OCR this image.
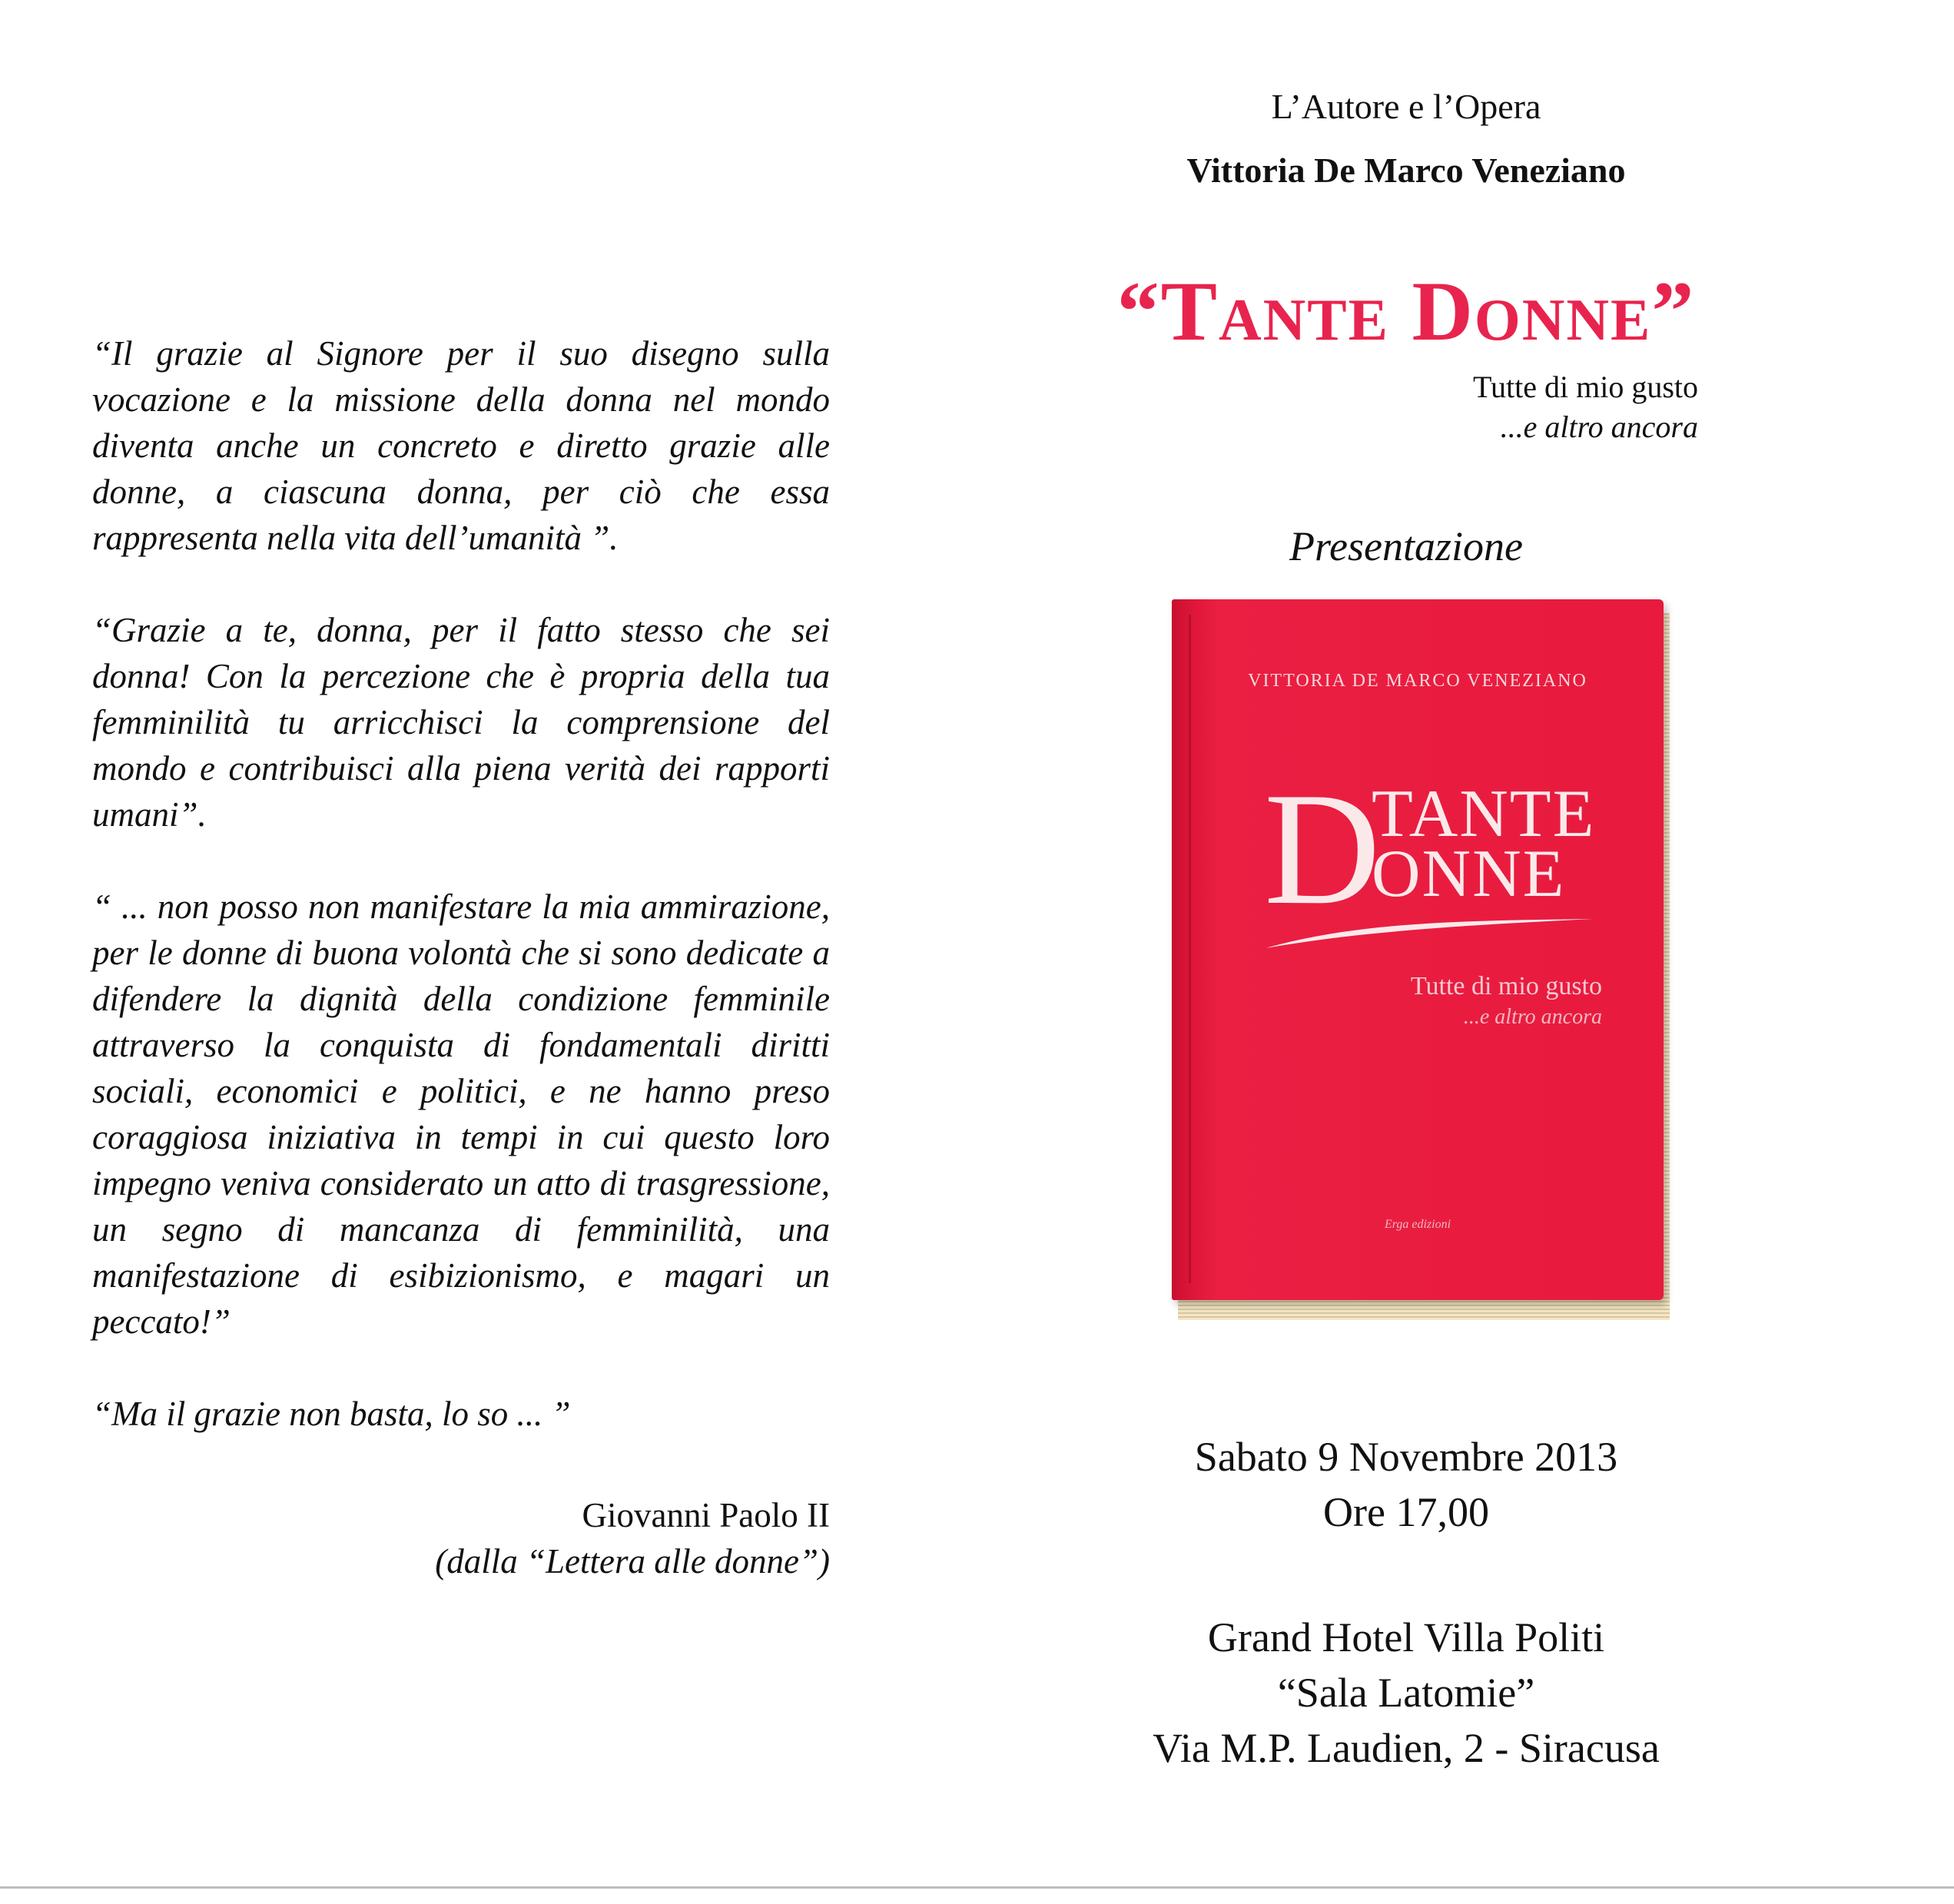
“Il grazie al Signore per il suo disegno sulla vocazione e la missione della donna nel mondo diventa anche un concreto e diretto grazie alle donne, a ciascuna donna, per ciò che essa rappresenta nella vita dell’umanità ”.

“Grazie a te, donna, per il fatto stesso che sei donna! Con la percezione che è propria della tua femminilità tu arricchisci la comprensione del mondo e contribuisci alla piena verità dei rapporti umani”.

“ ... non posso non manifestare la mia ammirazione, per le donne di buona volontà che si sono dedicate a difendere la dignità della condizione femminile attraverso la conquista di fondamentali diritti sociali, economici e politici, e ne hanno preso coraggiosa iniziativa in tempi in cui questo loro impegno veniva considerato un atto di trasgressione, un segno di mancanza di femminilità, una manifestazione di esibizionismo, e magari un peccato!”

“Ma il grazie non basta, lo so ... ”

Giovanni Paolo II
(dalla “Lettera alle donne”)
L’Autore e l’Opera
Vittoria De Marco Veneziano
“Tante Donne”
Tutte di mio gusto
...e altro ancora
Presentazione
VITTORIA DE MARCO VENEZIANO
D
TANTE
ONNE
Tutte di mio gusto
...e altro ancora
Erga edizioni
Sabato 9 Novembre 2013
Ore 17,00
Grand Hotel Villa Politi
“Sala Latomie”
Via M.P. Laudien, 2 - Siracusa
